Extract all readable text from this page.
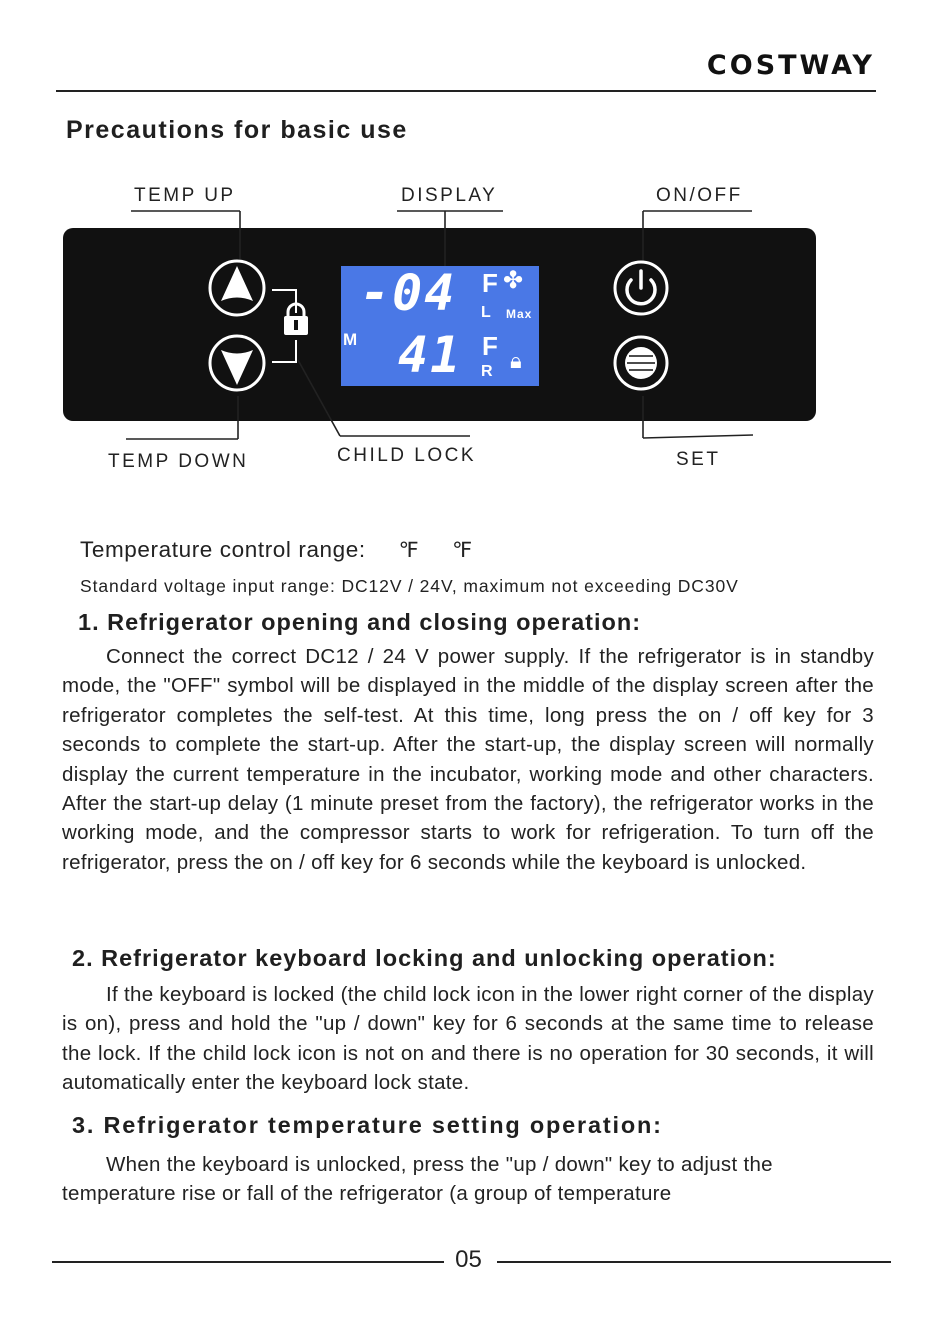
COSTWAY
Precautions for basic use
-04 F ✤
L Max
M 41 F
R 🔒︎
TEMP UP	DISPLAY	ON/OFF
TEMP DOWN	CHILD LOCK	SET
Temperature control range: ℉ ℉
Standard voltage input range: DC12V / 24V, maximum not exceeding DC30V
1. Refrigerator opening and closing operation:

Connect the correct DC12 / 24 V power supply. If the refrigerator is in standby mode, the "OFF" symbol will be displayed in the middle of the display screen after the refrigerator completes the self-test. At this time, long press the on / off key for 3 seconds to complete the start-up. After the start-up, the display screen will normally display the current temperature in the incubator, working mode and other characters. After the start-up delay (1 minute preset from the factory), the refrigerator works in the working mode, and the compressor starts to work for refrigeration. To turn off the refrigerator, press the on / off key for 6 seconds while the keyboard is unlocked.

2. Refrigerator keyboard locking and unlocking operation:

If the keyboard is locked (the child lock icon in the lower right corner of the display is on), press and hold the "up / down" key for 6 seconds at the same time to release the lock. If the child lock icon is not on and there is no operation for 30 seconds, it will automatically enter the keyboard lock state.

3. Refrigerator temperature setting operation:

When the keyboard is unlocked, press the "up / down" key to adjust the temperature rise or fall of the refrigerator (a group of temperature

05
